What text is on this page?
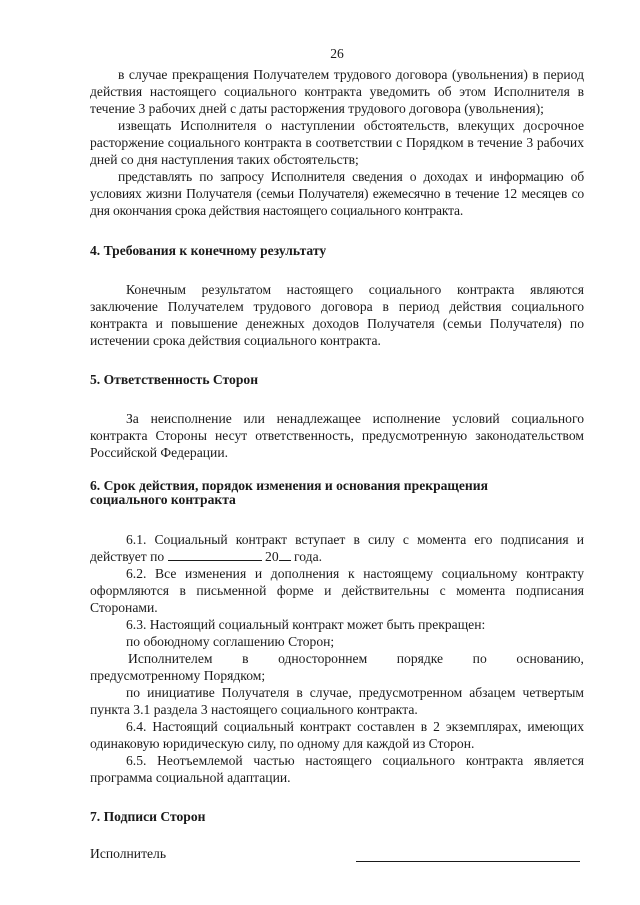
26

в случае прекращения Получателем трудового договора (увольнения) в период действия настоящего социального контракта уведомить об этом Исполнителя в течение 3 рабочих дней с даты расторжения трудового договора (увольнения);

извещать Исполнителя о наступлении обстоятельств, влекущих досрочное расторжение социального контракта в соответствии с Порядком в течение 3 рабочих дней со дня наступления таких обстоятельств;

представлять по запросу Исполнителя сведения о доходах и информацию об условиях жизни Получателя (семьи Получателя) ежемесячно в течение 12 месяцев со дня окончания срока действия настоящего социального контракта.

4. Требования к конечному результату

Конечным результатом настоящего социального контракта являются заключение Получателем трудового договора в период действия социального контракта и повышение денежных доходов Получателя (семьи Получателя) по истечении срока действия социального контракта.

5. Ответственность Сторон

За неисполнение или ненадлежащее исполнение условий социального контракта Стороны несут ответственность, предусмотренную законодательством Российской Федерации.

6. Срок действия, порядок изменения и основания прекращения

социального контракта

6.1. Социальный контракт вступает в силу с момента его подписания и действует по	20 года.

6.2. Все изменения и дополнения к настоящему социальному контракту оформляются в письменной форме и действительны с момента подписания Сторонами.

6.3. Настоящий социальный контракт может быть прекращен:

по обоюдному соглашению Сторон;

Исполнителем в одностороннем порядке по основанию,

предусмотренному Порядком;

по инициативе Получателя в случае, предусмотренном абзацем четвертым пункта 3.1 раздела 3 настоящего социального контракта.

6.4. Настоящий социальный контракт составлен в 2 экземплярах, имеющих одинаковую юридическую силу, по одному для каждой из Сторон.

6.5. Неотъемлемой частью настоящего социального контракта является программа социальной адаптации.

7. Подписи Сторон

Исполнитель
